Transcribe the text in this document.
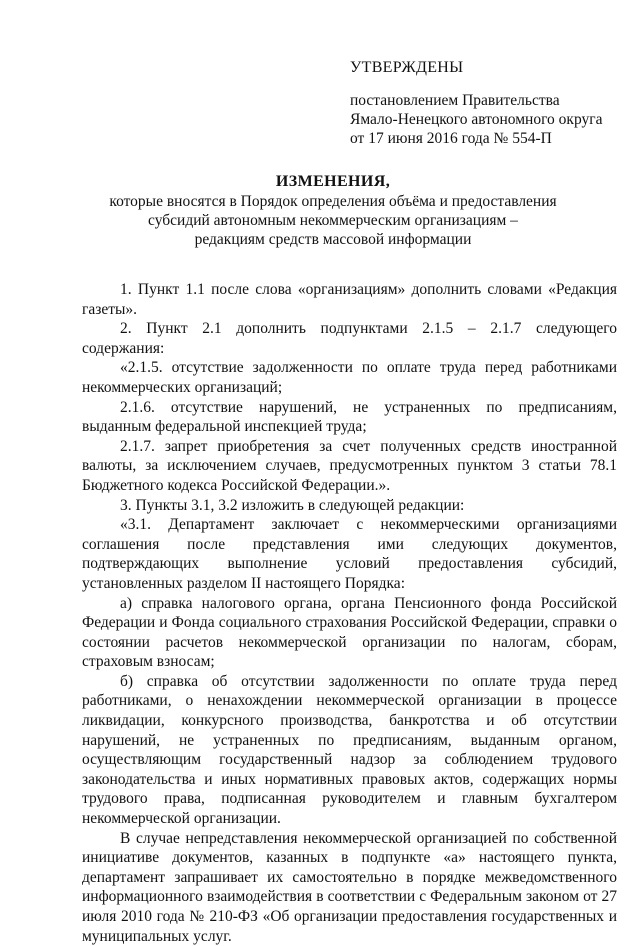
УТВЕРЖДЕНЫ
постановлением Правительства
Ямало-Ненецкого автономного округа
от 17 июня 2016 года № 554-П
ИЗМЕНЕНИЯ,
которые вносятся в Порядок определения объёма и предоставления
субсидий автономным некоммерческим организациям –
редакциям средств массовой информации

1. Пункт 1.1 после слова «организациям» дополнить словами «Редакция газеты».

2. Пункт 2.1 дополнить подпунктами 2.1.5 – 2.1.7 следующего содержания:

«2.1.5. отсутствие задолженности по оплате труда перед работниками некоммерческих организаций;

2.1.6. отсутствие нарушений, не устраненных по предписаниям, выданным федеральной инспекцией труда;

2.1.7. запрет приобретения за счет полученных средств иностранной валюты, за исключением случаев, предусмотренных пунктом 3 статьи 78.1 Бюджетного кодекса Российской Федерации.».

3. Пункты 3.1, 3.2 изложить в следующей редакции:

«3.1. Департамент заключает с некоммерческими организациями соглашения после представления ими следующих документов, подтверждающих выполнение условий предоставления субсидий, установленных разделом II настоящего Порядка:

а) справка налогового органа, органа Пенсионного фонда Российской Федерации и Фонда социального страхования Российской Федерации, справки о состоянии расчетов некоммерческой организации по налогам, сборам, страховым взносам;

б) справка об отсутствии задолженности по оплате труда перед работниками, о ненахождении некоммерческой организации в процессе ликвидации, конкурсного производства, банкротства и об отсутствии нарушений, не устраненных по предписаниям, выданным органом, осуществляющим государственный надзор за соблюдением трудового законодательства и иных нормативных правовых актов, содержащих нормы трудового права, подписанная руководителем и главным бухгалтером некоммерческой организации.

В случае непредставления некоммерческой организацией по собственной инициативе документов, казанных в подпункте «а» настоящего пункта, департамент запрашивает их самостоятельно в порядке межведомственного информационного взаимодействия в соответствии с Федеральным законом от 27 июля 2010 года № 210-ФЗ «Об организации предоставления государственных и муниципальных услуг.
